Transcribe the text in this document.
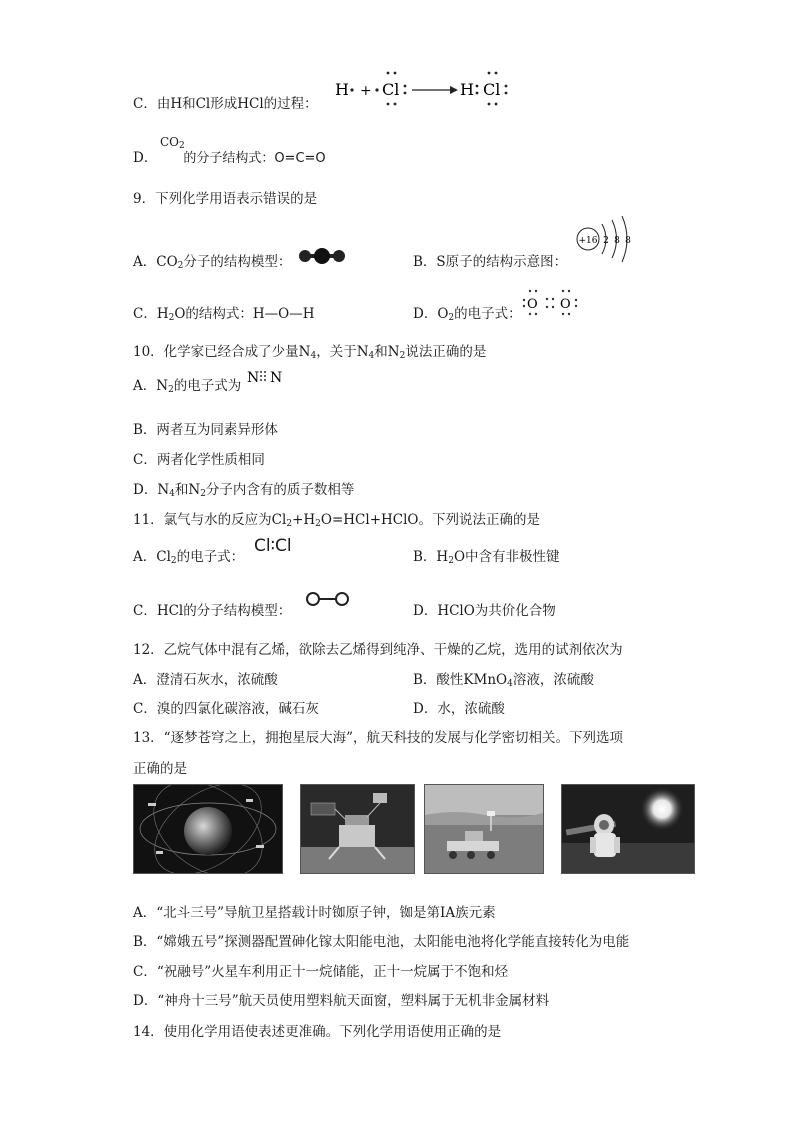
C．由H和Cl形成HCl的过程：
H + Cl	H Cl
$CO_2$
D． 的分子结构式：O=C=O
9．下列化学用语表示错误的是
A．$CO_2$分子的结构模型：	B．S原子的结构示意图：
+16 2 8 8
C．$H_2O$的结构式：H—O—H	D．$O_2$的电子式：
O O
10．化学家已经合成了少量$N_4$，关于$N_4$和$N_2$说法正确的是
A．$N_2$的电子式为 N N
B．两者互为同素异形体
C．两者化学性质相同
D．$N_4$和$N_2$分子内含有的质子数相等
11．氯气与水的反应为$Cl_2+H_2O=HCl+HClO$。下列说法正确的是
A．$Cl_2$的电子式：
Cl∶Cl
B．$H_2O$中含有非极性键
C．HCl的分子结构模型：	D．HClO为共价化合物
12．乙烷气体中混有乙烯，欲除去乙烯得到纯净、干燥的乙烷，选用的试剂依次为
A．澄清石灰水，浓硫酸	B．酸性KMnO$_4$溶液，浓硫酸
C．溴的四氯化碳溶液，碱石灰	D．水，浓硫酸
13．“逐梦苍穹之上，拥抱星辰大海”，航天科技的发展与化学密切相关。下列选项
正确的是
A．“北斗三号”导航卫星搭载计时铷原子钟，铷是第ⅠA族元素
B．“嫦娥五号”探测器配置砷化镓太阳能电池，太阳能电池将化学能直接转化为电能
C．“祝融号”火星车利用正十一烷储能，正十一烷属于不饱和烃
D．“神舟十三号”航天员使用塑料航天面窗，塑料属于无机非金属材料
14．使用化学用语使表述更准确。下列化学用语使用正确的是
